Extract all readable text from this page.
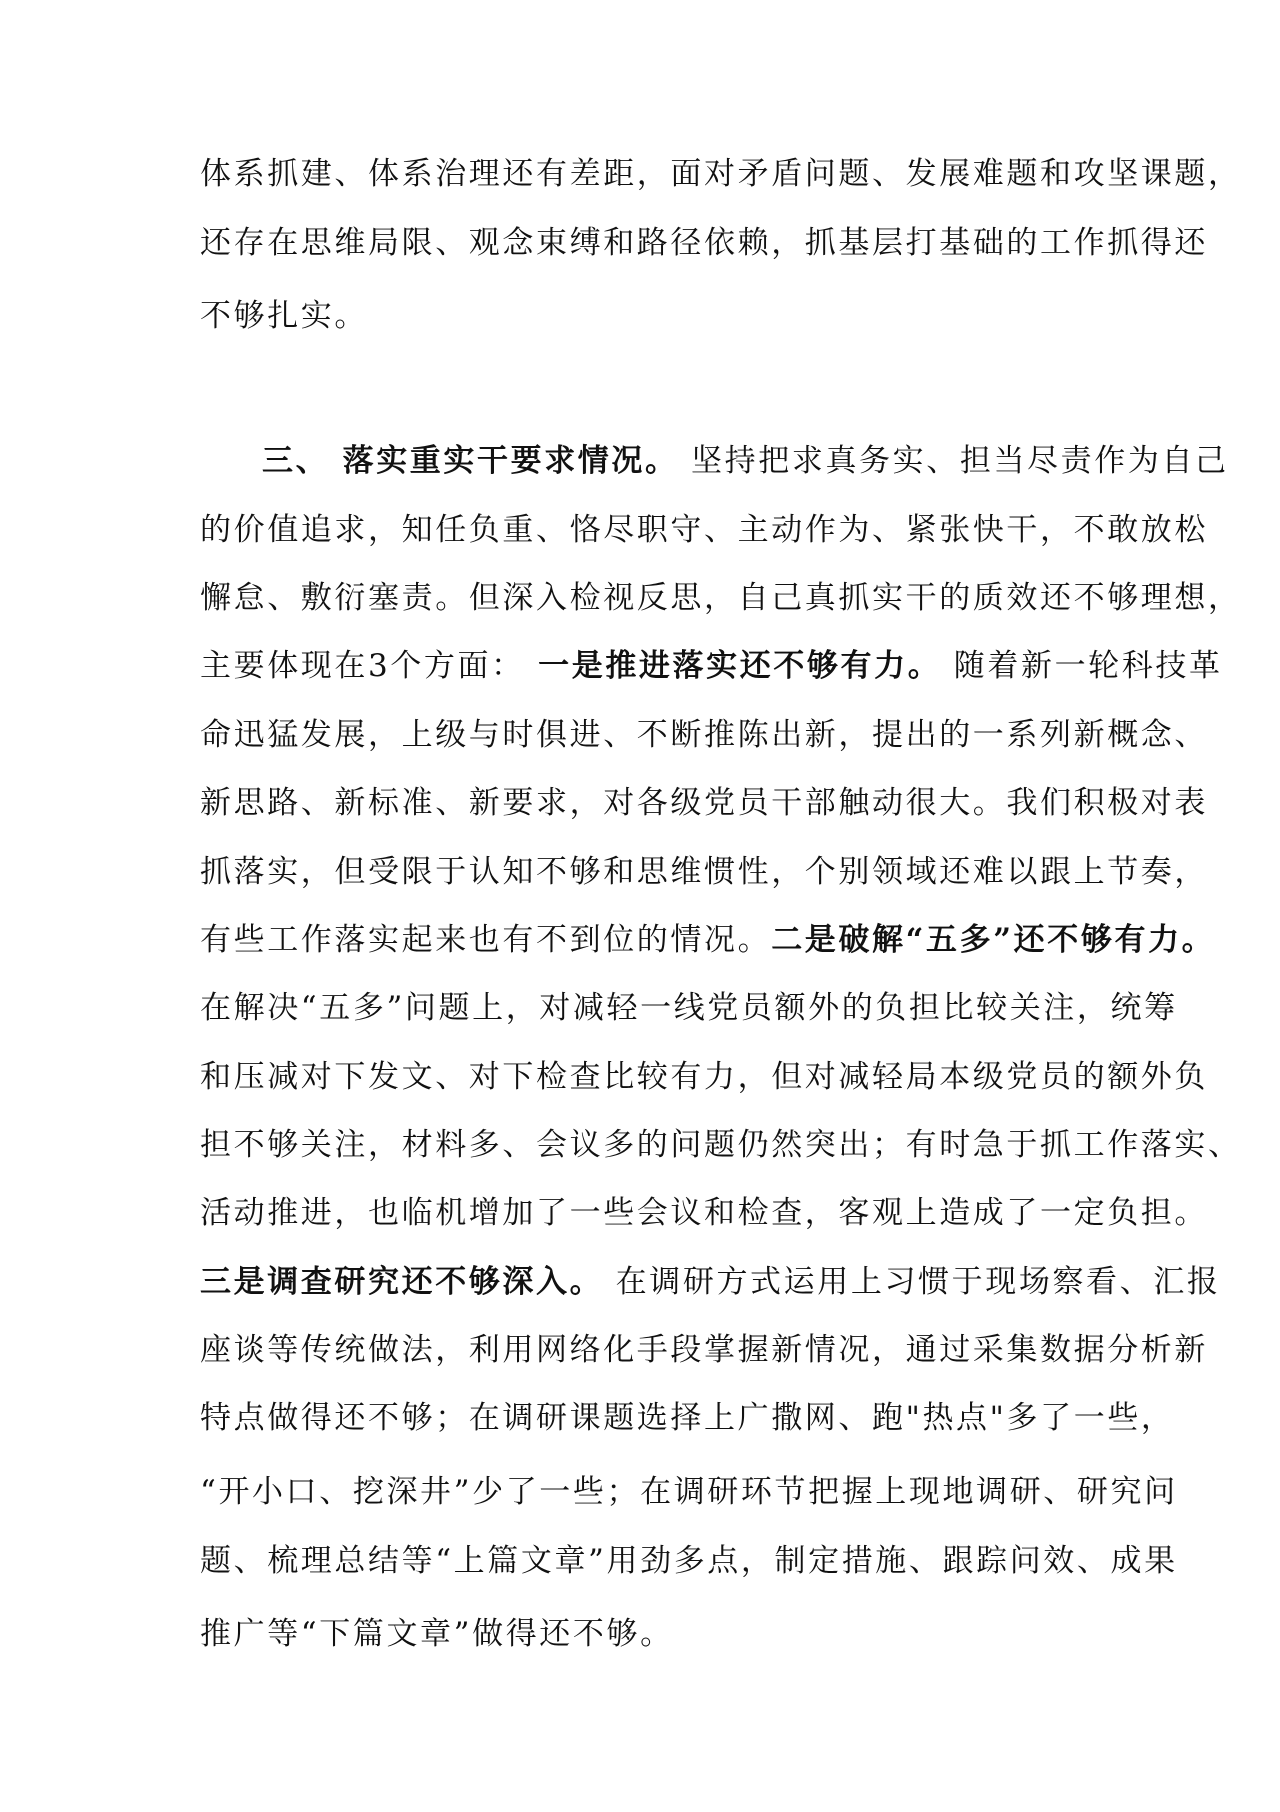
体系抓建、体系治理还有差距，面对矛盾问题、发展难题和攻坚课题，
还存在思维局限、观念束缚和路径依赖，抓基层打基础的工作抓得还
不够扎实。
三、 落实重实干要求情况。 坚持把求真务实、担当尽责作为自己
的价值追求，知任负重、恪尽职守、主动作为、紧张快干，不敢放松
懈怠、敷衍塞责。但深入检视反思，自己真抓实干的质效还不够理想，
主要体现在3个方面： 一是推进落实还不够有力。 随着新一轮科技革
命迅猛发展，上级与时俱进、不断推陈出新，提出的一系列新概念、
新思路、新标准、新要求，对各级党员干部触动很大。我们积极对表
抓落实，但受限于认知不够和思维惯性，个别领域还难以跟上节奏，
有些工作落实起来也有不到位的情况。二是破解“五多”还不够有力。
在解决“五多”问题上，对减轻一线党员额外的负担比较关注，统筹
和压减对下发文、对下检查比较有力，但对减轻局本级党员的额外负
担不够关注，材料多、会议多的问题仍然突出；有时急于抓工作落实、
活动推进，也临机增加了一些会议和检查，客观上造成了一定负担。
三是调查研究还不够深入。 在调研方式运用上习惯于现场察看、汇报
座谈等传统做法，利用网络化手段掌握新情况，通过采集数据分析新
特点做得还不够；在调研课题选择上广撒网、跑"热点"多了一些，
“开小口、挖深井”少了一些；在调研环节把握上现地调研、研究问
题、梳理总结等“上篇文章”用劲多点，制定措施、跟踪问效、成果
推广等“下篇文章”做得还不够。
